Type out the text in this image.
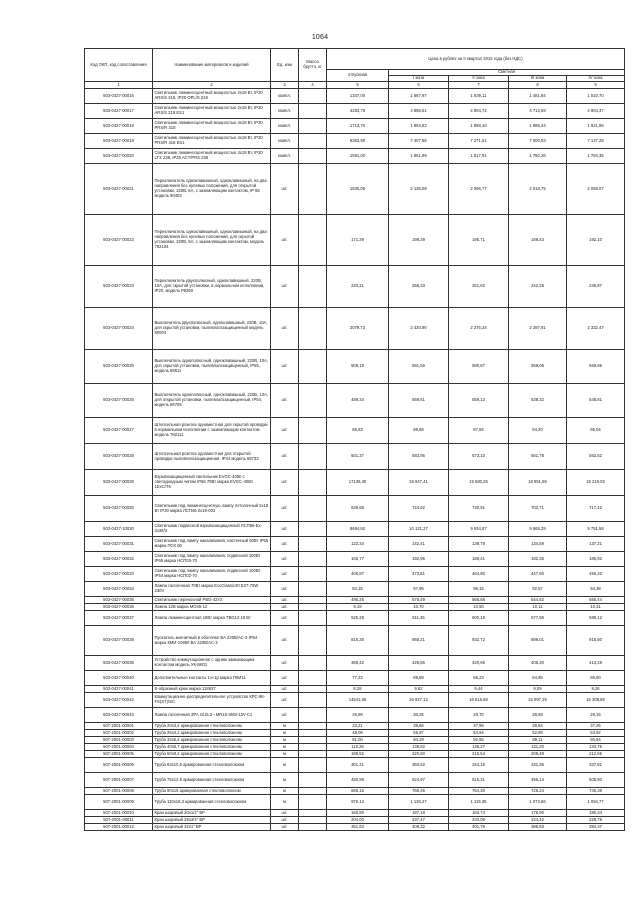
1064
Код ОКП, код сопоставления	Наименование материалов и изделий	Ед. изм	Масса брутто, кг	Цена в рублях на II квартал 2015 года (без НДС)				
				отпускная	Сметная			
					I зона	II зона	III зона	IV зона
1	2	3	4	5	6	7	8	9
503-0427-00016	Светильник люминесцентный мощностью 2х18 Вт, IP20 ARS/S 218, IP20 OPL/S 218	компл.		1347,00	1 567,97	1 539,11	1 481,84	1 510,70
503-0427-00017	Светильник люминесцентный мощностью 2х18 Вт, IP20 ARS/S 218 ES1	компл.		4283,78	4 856,51	4 804,72	4 712,59	4 804,37
503-0427-00018	Светильник люминесцентный мощностью 4х18 Вт, IP20 PRS/R 418	компл.		1713,70	1 994,82	1 958,10	1 885,24	1 921,96
503-0427-00019	Светильник люминесцентный мощностью 4х18 Вт, IP20 PRS/R 418 ES1	компл.		6363,90	7 407,66	7 271,51	7 000,93	7 137,28
503-0427-00020	Светильник люминесцентный мощностью 4х18 Вт, IP20 LTX 236, IP20 ACT/PRS 236	компл.		1591,00	1 851,99	1 817,91	1 750,26	1 784,35
503-0427-00021	Переключатель одноклавишный, одноклавишный, на два направления без нулевых положений, для открытой установки, 220В, 6А, с заземляющим контактом, IP 65 модель 90403	шт.		1835,05	2 136,09	2 096,77	2 018,75	2 058,07
503-0427-00022	Переключатель одноклавишный, одноклавишный, на два направления без нулевых положений, для скрытой установки, 220В, 6А, с заземляющим контактом, модель 782104	шт.		171,29	199,39	195,71	188,43	192,10
503-0427-00023	Переключатель двухполюсный, одноклавишный, 220В, 10А, для скрытой установки, в нормальном исполнении, IP20, модель P9260	шт.		220,21	256,33	251,62	242,25	246,97
503-0427-00024	Выключатель двухполюсный, одноклавишный, 220В, 10А, для скрытой установки, пылевлагозащищенный модель 80004	шт.		2079,73	2 420,90	2 376,34	2 287,91	2 332,47
503-0427-00025	Выключатель однополюсный, одноклавишный, 220В, 10А, для скрытой установки, пылевлагозащищенный, IP55, модель 89811	шт.		508,19	591,56	580,67	559,06	569,95
503-0427-00026	Выключатель однополюсный, одноклавишный, 220В, 10А, для открытой установки, пылевлагозащищенный, IP54, модель 86705	шт.		489,34	569,61	559,13	538,32	548,81
503-0427-00027	Штепсельная розетка одноместная для скрытой проводки в нормальном исполнении с заземляющим контактом модель 782111	шт.		85,63	99,68	97,84	94,20	96,04
503-0427-00028	Штепсельная розетка одноместная для открытой проводки пылевлагозащищенная, IP44 модель 69733	шт.		501,37	583,95	573,10	551,78	562,52
503-0427-00029	Взрывозащищенный светильник EVGC-4050 с светодиодным чипом IP66 70Вт марка EVGC-4050 1ExC/T6	шт.		17136,30	19 947,41	19 580,25	18 851,86	19 219,02
503-0427-00030	Светильник под люминесцентную лампу потолочный 2х18 Вт IP20 марка ЛСП46-2х18-003	шт.		639,68	744,62	730,91	703,71	717,42
503-0427-10030	Светильник подвесной взрывозащищенный ЛСП66-Ex-2x36/3	шт.		8694,92	10 121,27	9 934,97	9 565,29	9 751,58
503-0427-00031	Светильник под лампу накаливания, настенный 60Вт IP65 марка ПСХ 60	шт.		122,34	142,41	139,79	134,59	137,21
503-0427-00032	Светильник под лампу накаливания, подвесной 100Вт IP65 марка НСП03-70	шт.		165,77	192,96	189,41	182,36	185,92
503-0427-00033	Светильник под лампу накаливания, подвесной 100Вт IP54 марка НСП02-70	шт.		406,87	473,61	464,90	447,60	456,32
503-0427-00034	Лампа галогенная 70Вт марка EcoClassic30 E27-70W 230V	шт.		84,15	97,95	96,15	92,57	94,38
503-0427-00035	Светильник переносной РВО-42У2	шт.		495,25	576,49	565,88	544,82	555,44
503-0427-00036	Лампа 12В марка МО45-12	шт.		9,19	10,70	10,50	10,11	10,31
503-0427-00037	Лампа люминесцентная 18Вт марка ТВG13 18 Вт	шт.		525,28	611,45	600,19	577,86	589,12
503-0427-00038	Пускатель магнитный в оболочке ВА 220В/АС-3 IP54 марка КМИ-10960 ВА 220В/АС-3	шт.		816,30	950,21	932,72	898,01	915,50
503-0427-00039	Устройство коммутационное с одним замыкающим контактом модель УК-БК01	шт.		368,42	428,86	420,96	405,30	413,19
503-0427-00040	Дополнительные контакты 1з+1р марка ПКИ11	шт.		77,22	89,89	88,23	84,95	86,60
503-0427-00041	S-образный крюк марка 118637	шт.		8,28	9,62	9,44	9,09	9,26
503-0427-00042	Коммутационно-распределительное устройство КРС-96-FS(ST)/SC	шт.		14541,66	16 927,13	16 615,56	15 997,29	16 308,86
503-0427-00043	Лампа галогенная ЗРА GU5.3 - MR16-35W-12V-C1	шт.		25,99	30,25	29,70	28,59	29,15
507-2001-00001	Труба 20х3,4 армированная стекловолокном	м		33,21	38,66	37,95	36,54	37,25
507-2001-00002	Труба 25х4,2 армированная стекловолокном	м		48,08	55,97	54,94	52,89	53,92
507-2001-00003	Труба 32х5,4 армированная стекловолокном	м		81,00	94,29	92,55	89,11	90,84
507-2001-00004	Труба 40х6,7 армированная стекловолокном	м		119,26	138,82	136,27	131,20	133,75
507-2001-00005	Труба 50х8,4 армированная стекловолокном	м		189,52	220,60	216,54	208,49	212,55
507-2001-00006	Труба 63х10,5 армированная стекловолокном	м		301,21	350,62	344,16	331,36	337,81
507-2001-00007	Труба 75х12,5 армированная стекловолокном	м		450,99	524,97	515,31	496,14	505,80
507-2001-00008	Труба 90х15 армированная стекловолокном	м		660,15	768,45	754,30	726,24	740,38
507-2001-00009	Труба 110х18,3 армированная стекловолокном	м		976,14	1 136,27	1 115,35	1 073,86	1 094,77
507-2001-00010	Кран шаровый 20х1/2" ВР	шт.		160,80	187,18	183,74	176,90	180,34
507-2001-00011	Кран шаровый 25х3/4" ВР	шт.		204,00	237,47	233,09	224,42	228,79
507-2001-00012	Кран шаровый 32х1" ВР	шт.		351,63	409,32	401,78	386,83	394,37
